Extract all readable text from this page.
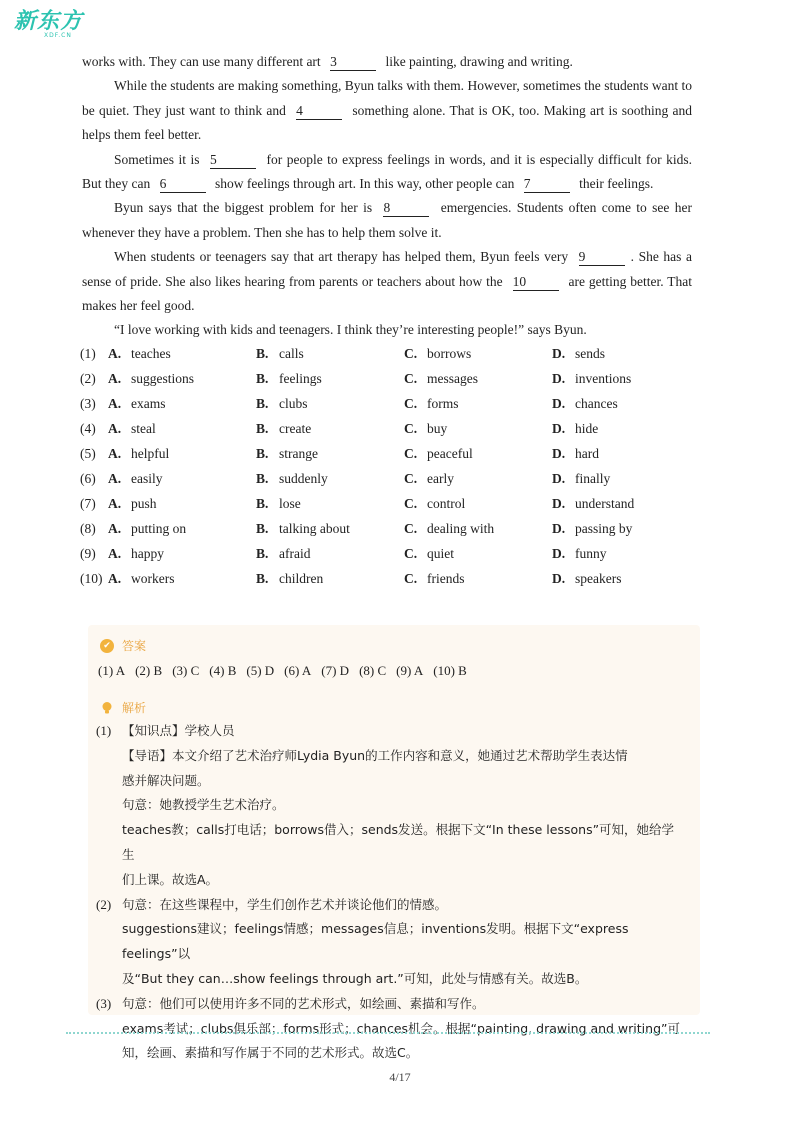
新东方
XDF.CN

works with. They can use many different art 3	like painting, drawing and writing.

While the students are making something, Byun talks with them. However, sometimes the students want to be quiet. They just want to think and 4	something alone. That is OK, too. Making art is soothing and helps them feel better.

Sometimes it is 5	for people to express feelings in words, and it is especially difficult for kids. But they can 6	show feelings through art. In this way, other people can 7	their feelings.

Byun says that the biggest problem for her is 8	emergencies. Students often come to see her whenever they have a problem. Then she has to help them solve it.

When students or teenagers say that art therapy has helped them, Byun feels very 9	. She has a sense of pride. She also likes hearing from parents or teachers about how the 10	are getting better. That makes her feel good.

“I love working with kids and teenagers. I think they’re interesting people!” says Byun.

(1) A. teaches	B. calls	C. borrows	D. sends
(2) A. suggestions	B. feelings	C. messages	D. inventions
(3) A. exams	B. clubs	C. forms	D. chances
(4) A. steal	B. create	C. buy	D. hide
(5) A. helpful	B. strange	C. peaceful	D. hard
(6) A. easily	B. suddenly	C. early	D. finally
(7) A. push	B. lose	C. control	D. understand
(8) A. putting on	B. talking about	C. dealing with	D. passing by
(9) A. happy	B. afraid	C. quiet	D. funny
(10) A. workers	B. children	C. friends	D. speakers
✔ 答案
(1) A (2) B (3) C (4) B (5) D (6) A (7) D (8) C (9) A (10) B
解析
(1) 【知识点】学校人员
【导语】本文介绍了艺术治疗师Lydia Byun的工作内容和意义，她通过艺术帮助学生表达情
感并解决问题。
句意：她教授学生艺术治疗。
teaches教；calls打电话；borrows借入；sends发送。根据下文“In these lessons”可知，她给学生
们上课。故选A。
(2) 句意：在这些课程中，学生们创作艺术并谈论他们的情感。
suggestions建议；feelings情感；messages信息；inventions发明。根据下文“express feelings”以
及“But they can…show feelings through art.”可知，此处与情感有关。故选B。
(3) 句意：他们可以使用许多不同的艺术形式，如绘画、素描和写作。
exams考试；clubs俱乐部；forms形式；chances机会。根据“painting, drawing and writing”可
知，绘画、素描和写作属于不同的艺术形式。故选C。
4/17
